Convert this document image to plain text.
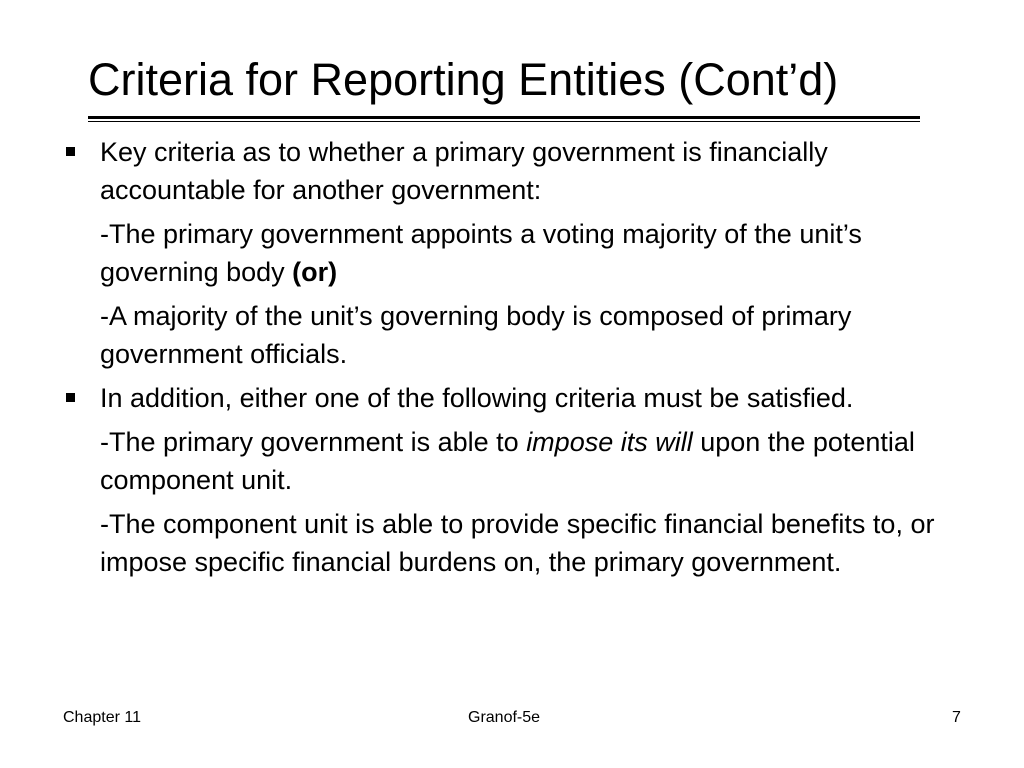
Criteria for Reporting Entities (Cont’d)
Key criteria as to whether a primary government is financially accountable for another government:
-The primary government appoints a voting majority of the unit’s governing body (or)
-A majority of the unit’s governing body is composed of primary government officials.
In addition, either one of the following criteria must be satisfied.
-The primary government is able to impose its will upon the potential component unit.
-The component unit is able to provide specific financial benefits to, or impose specific financial burdens on, the primary government.
Chapter 11	Granof-5e	7
